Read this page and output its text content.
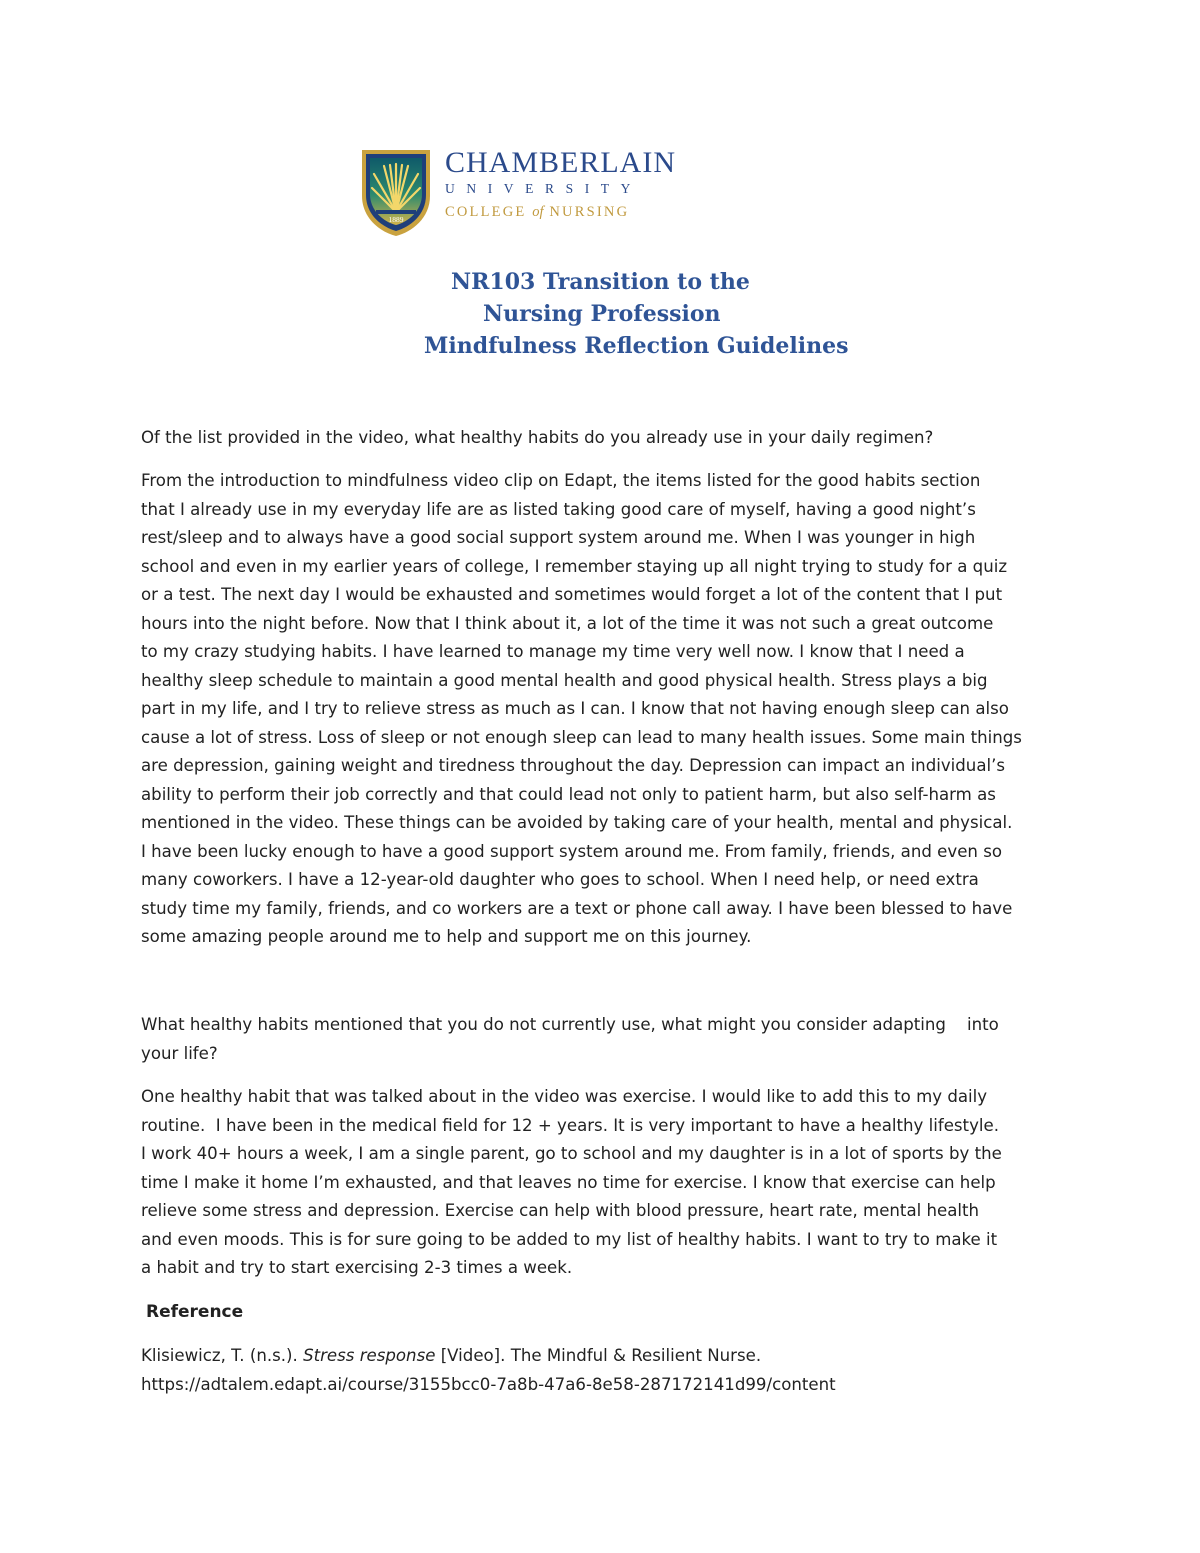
1889
CHAMBERLAIN
UNIVERSITY
COLLEGE of NURSING
NR103 Transition to the
Nursing Profession
Mindfulness Reflection Guidelines
Of the list provided in the video, what healthy habits do you already use in your daily regimen?
From the introduction to mindfulness video clip on Edapt, the items listed for the good habits section
that I already use in my everyday life are as listed taking good care of myself, having a good night’s
rest/sleep and to always have a good social support system around me. When I was younger in high
school and even in my earlier years of college, I remember staying up all night trying to study for a quiz
or a test. The next day I would be exhausted and sometimes would forget a lot of the content that I put
hours into the night before. Now that I think about it, a lot of the time it was not such a great outcome
to my crazy studying habits. I have learned to manage my time very well now. I know that I need a
healthy sleep schedule to maintain a good mental health and good physical health. Stress plays a big
part in my life, and I try to relieve stress as much as I can. I know that not having enough sleep can also
cause a lot of stress. Loss of sleep or not enough sleep can lead to many health issues. Some main things
are depression, gaining weight and tiredness throughout the day. Depression can impact an individual’s
ability to perform their job correctly and that could lead not only to patient harm, but also self-harm as
mentioned in the video. These things can be avoided by taking care of your health, mental and physical.
I have been lucky enough to have a good support system around me. From family, friends, and even so
many coworkers. I have a 12-year-old daughter who goes to school. When I need help, or need extra
study time my family, friends, and co workers are a text or phone call away. I have been blessed to have
some amazing people around me to help and support me on this journey.
What healthy habits mentioned that you do not currently use, what might you consider adapting    into
your life?
One healthy habit that was talked about in the video was exercise. I would like to add this to my daily
routine.  I have been in the medical field for 12 + years. It is very important to have a healthy lifestyle.
I work 40+ hours a week, I am a single parent, go to school and my daughter is in a lot of sports by the
time I make it home I’m exhausted, and that leaves no time for exercise. I know that exercise can help
relieve some stress and depression. Exercise can help with blood pressure, heart rate, mental health
and even moods. This is for sure going to be added to my list of healthy habits. I want to try to make it
a habit and try to start exercising 2-3 times a week.
Reference
Klisiewicz, T. (n.s.). Stress response [Video]. The Mindful & Resilient Nurse.
https://adtalem.edapt.ai/course/3155bcc0-7a8b-47a6-8e58-287172141d99/content
